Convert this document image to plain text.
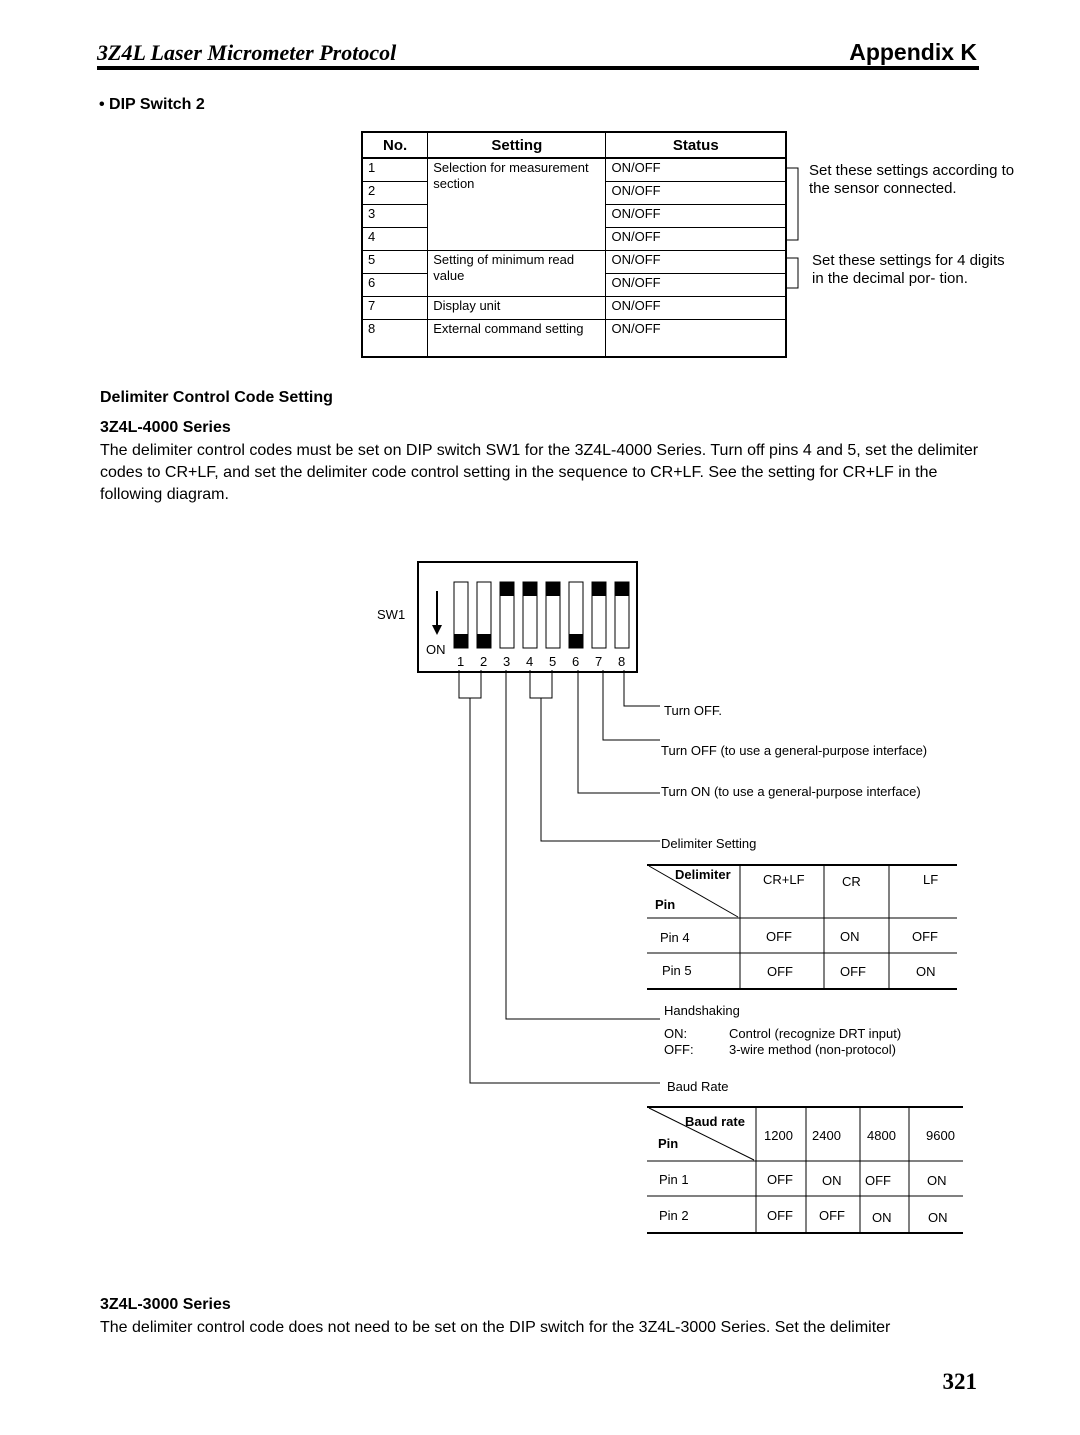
3Z4L Laser Micrometer Protocol	Appendix K
• DIP Switch 2
No.	Setting	Status
1	Selection for measurement section	ON/OFF
2		ON/OFF
3		ON/OFF
4		ON/OFF
5	Setting of minimum read value	ON/OFF
6		ON/OFF
7	Display unit	ON/OFF
8	External command setting	ON/OFF
Set these settings according to the sensor connected.
Set these settings for 4 digits in the decimal por- tion.
Delimiter Control Code Setting
3Z4L-4000 Series
The delimiter control codes must be set on DIP switch SW1 for the 3Z4L-4000 Series. Turn off pins 4 and 5, set the delimiter codes to CR+LF, and set the delimiter code control setting in the sequence to CR+LF. See the setting for CR+LF in the following diagram.
SW1
ON
1 2 3 4 5 6 7 8
Turn OFF.
Turn OFF (to use a general-purpose interface)
Turn ON (to use a general-purpose interface)
Delimiter Setting
Delimiter
Pin
CR+LF	CR	LF
Pin 4	OFF	ON	OFF
Pin 5	OFF	OFF	ON
Handshaking
ON:	Control (recognize DRT input)
OFF:	3-wire method (non-protocol)
Baud Rate
Baud rate
Pin
1200 2400 4800 9600
Pin 1	OFF ON OFF	ON
Pin 2	OFF OFF ON	ON
3Z4L-3000 Series
The delimiter control code does not need to be set on the DIP switch for the 3Z4L-3000 Series. Set the delimiter
321
